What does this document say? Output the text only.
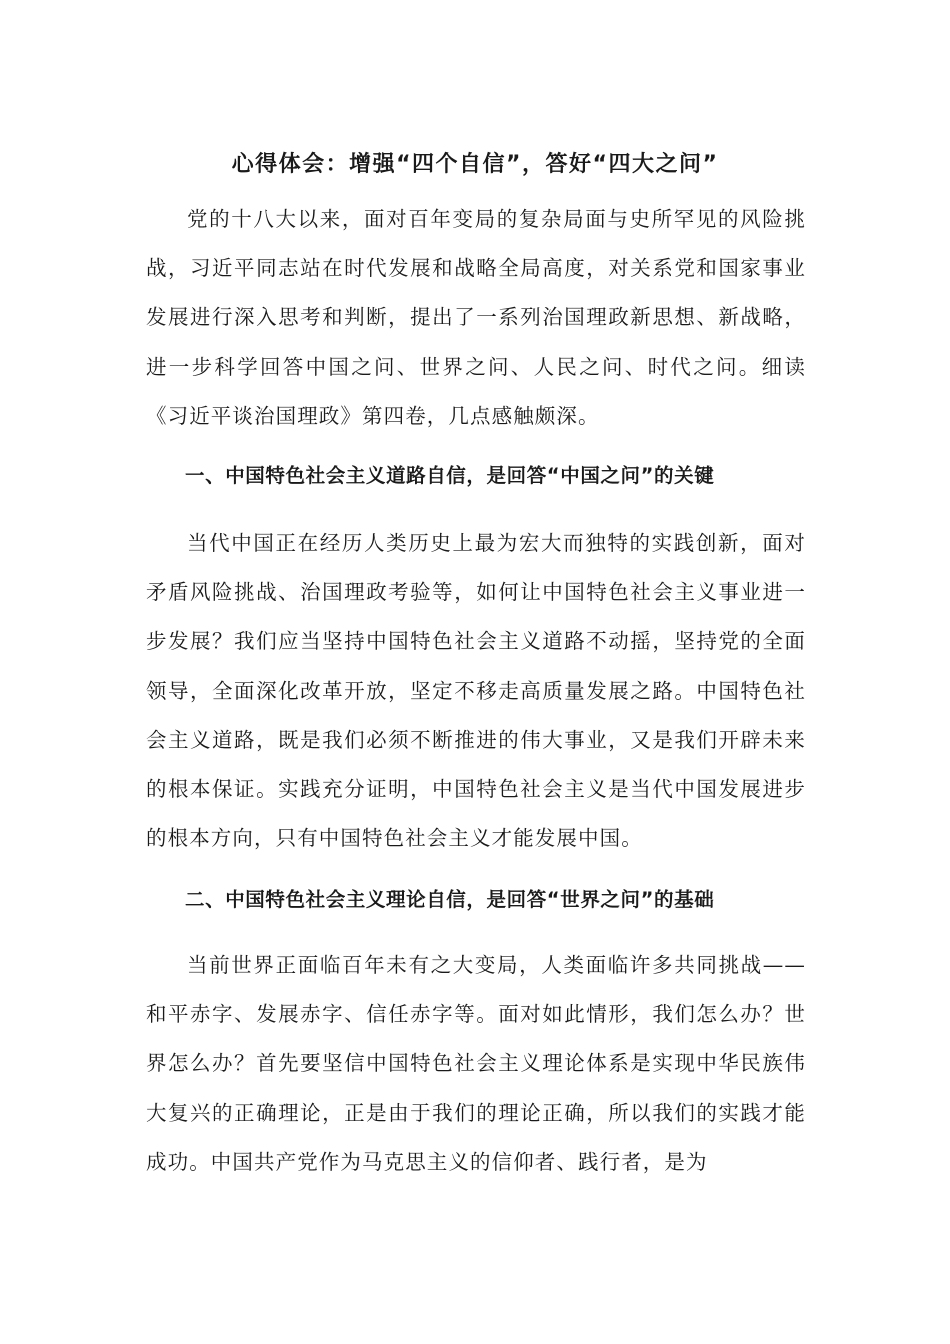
心得体会：增强“四个自信”，答好“四大之问”

党的十八大以来，面对百年变局的复杂局面与史所罕见的风险挑战，习近平同志站在时代发展和战略全局高度，对关系党和国家事业发展进行深入思考和判断，提出了一系列治国理政新思想、新战略，进一步科学回答中国之问、世界之问、人民之问、时代之问。细读《习近平谈治国理政》第四卷，几点感触颇深。

一、中国特色社会主义道路自信，是回答“中国之问”的关键

当代中国正在经历人类历史上最为宏大而独特的实践创新，面对矛盾风险挑战、治国理政考验等，如何让中国特色社会主义事业进一步发展？我们应当坚持中国特色社会主义道路不动摇，坚持党的全面领导，全面深化改革开放，坚定不移走高质量发展之路。中国特色社会主义道路，既是我们必须不断推进的伟大事业，又是我们开辟未来的根本保证。实践充分证明，中国特色社会主义是当代中国发展进步的根本方向，只有中国特色社会主义才能发展中国。

二、中国特色社会主义理论自信，是回答“世界之问”的基础

当前世界正面临百年未有之大变局，人类面临许多共同挑战——和平赤字、发展赤字、信任赤字等。面对如此情形，我们怎么办？世界怎么办？首先要坚信中国特色社会主义理论体系是实现中华民族伟大复兴的正确理论，正是由于我们的理论正确，所以我们的实践才能成功。中国共产党作为马克思主义的信仰者、践行者，是为
